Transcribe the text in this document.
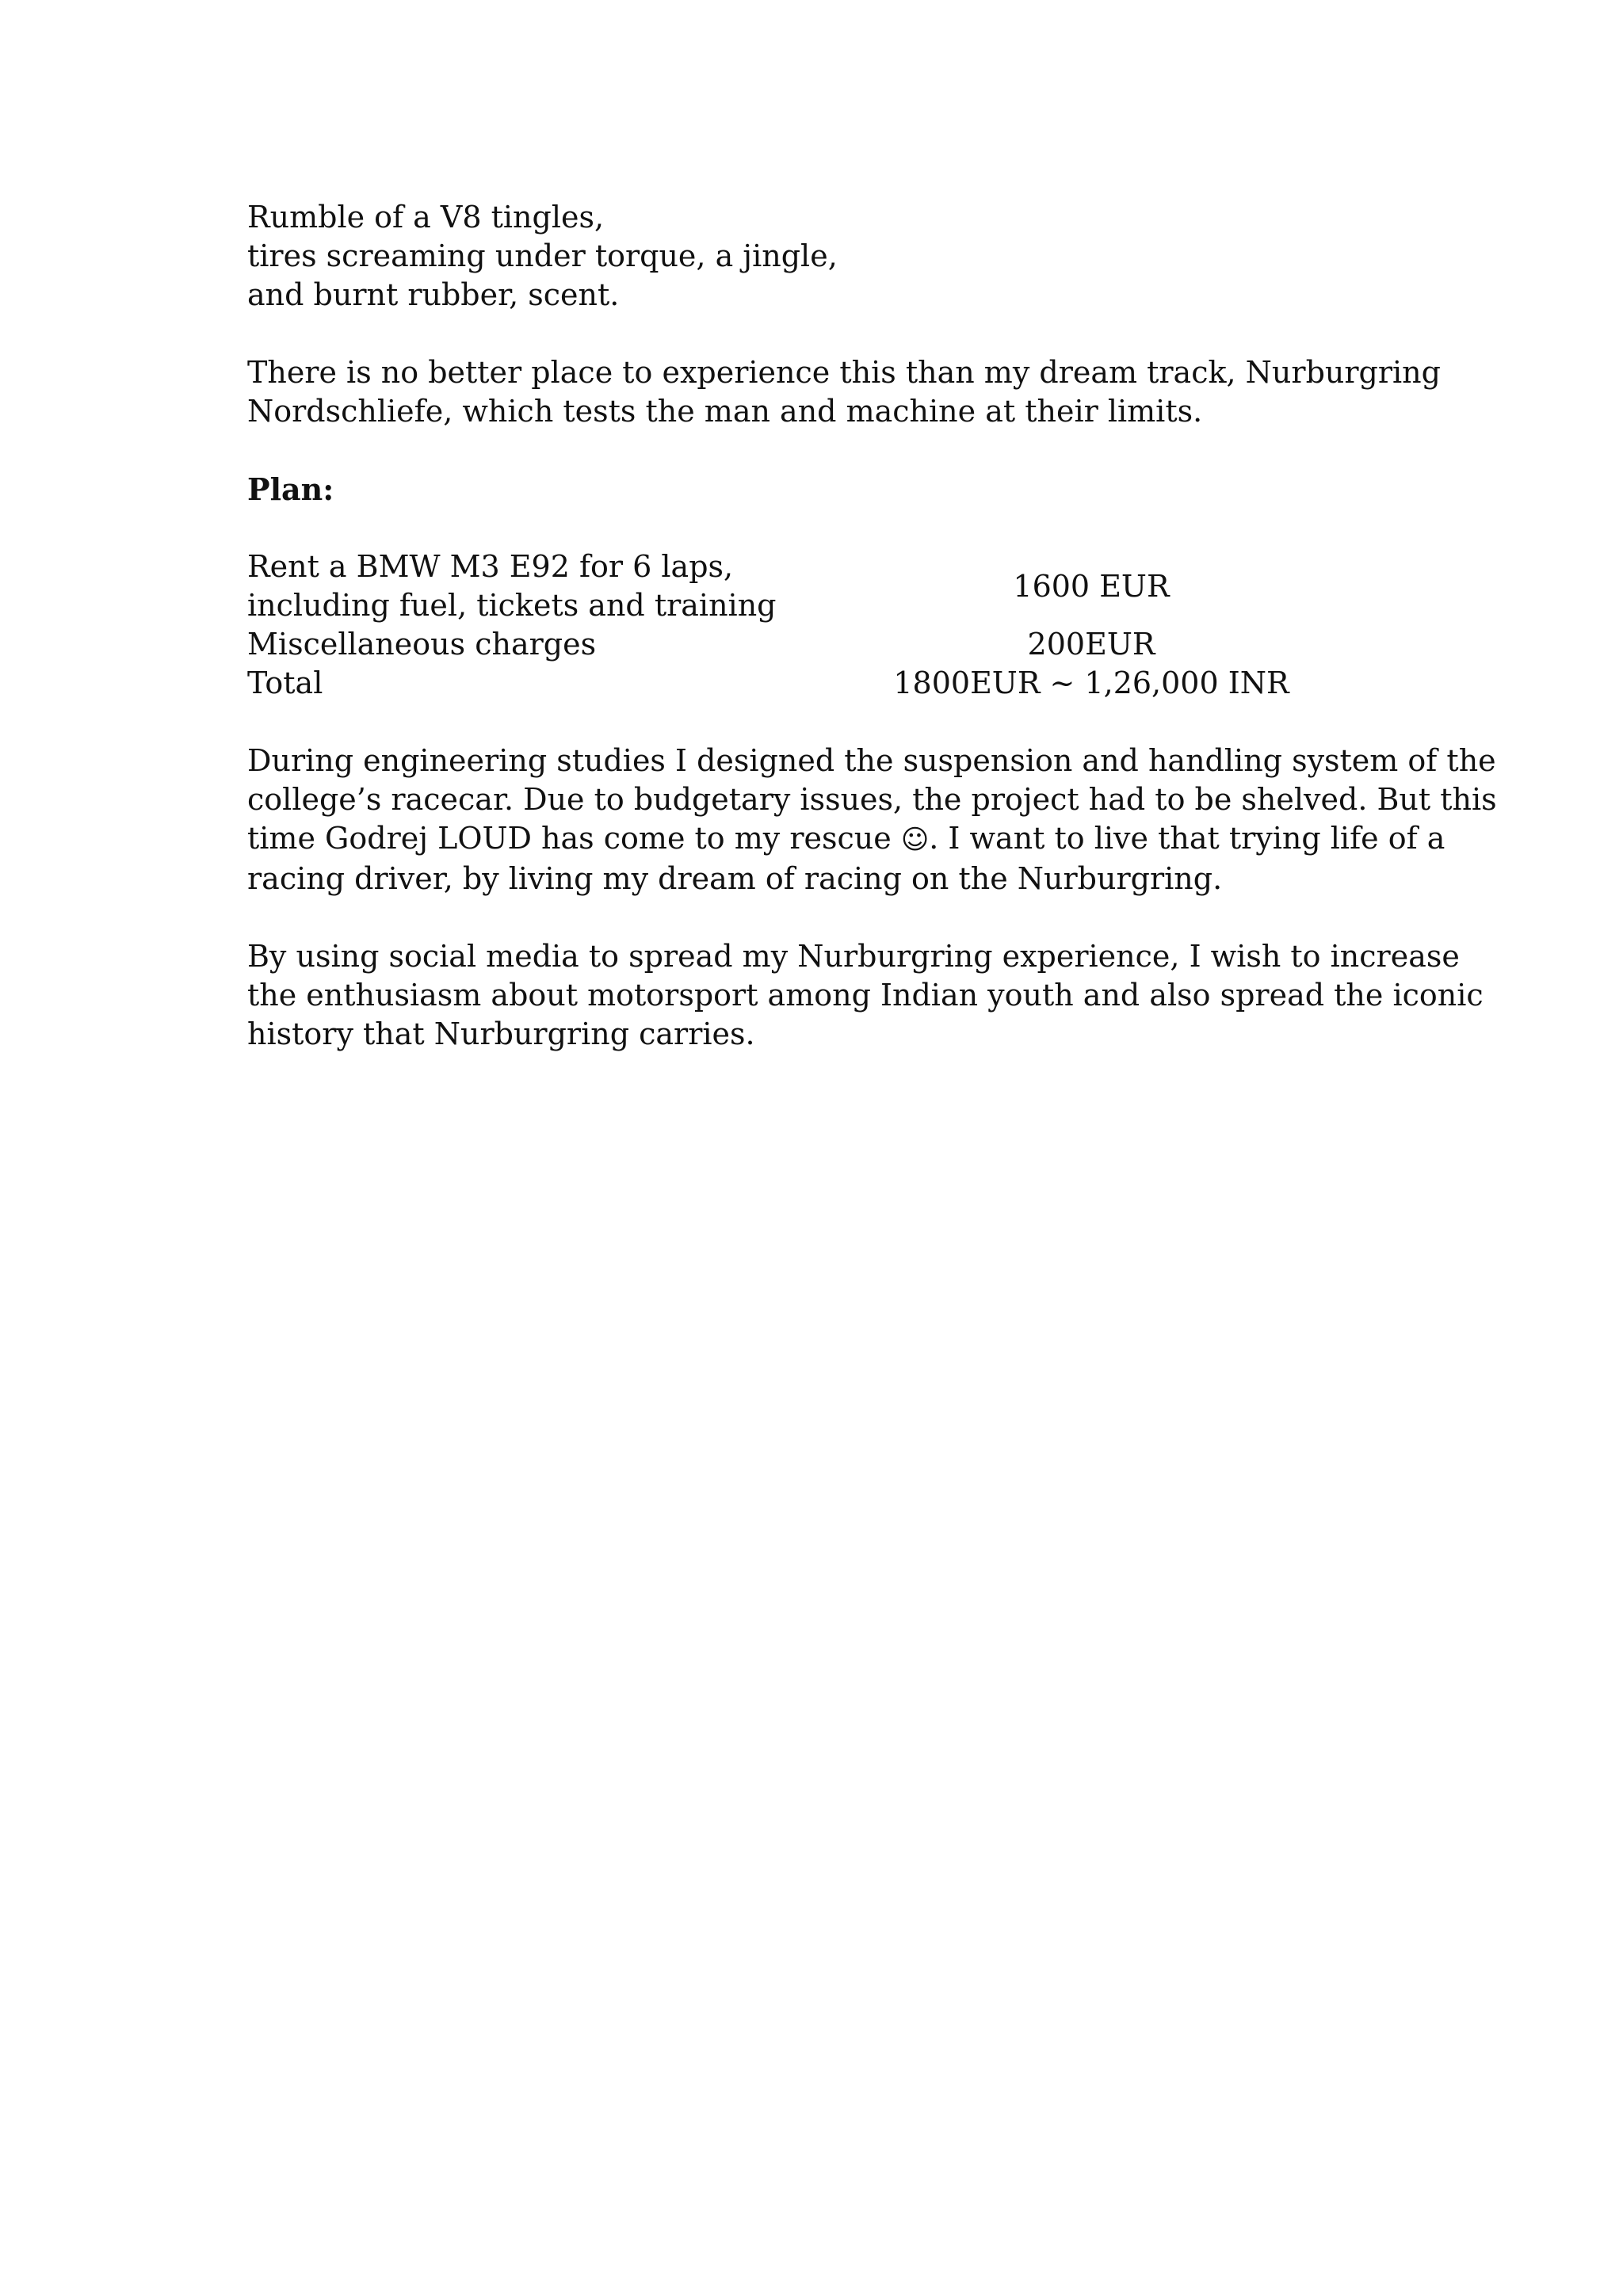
Rumble of a V8 tingles,
tires screaming under torque, a jingle,
and burnt rubber, scent.
There is no better place to experience this than my dream track, Nurburgring
Nordschliefe, which tests the man and machine at their limits.
Plan:
Rent a BMW M3 E92 for 6 laps,
including fuel, tickets and training	1600 EUR
Miscellaneous charges	200EUR
Total	1800EUR ~ 1,26,000 INR
During engineering studies I designed the suspension and handling system of the
college’s racecar. Due to budgetary issues, the project had to be shelved. But this
time Godrej LOUD has come to my rescue ☺. I want to live that trying life of a
racing driver, by living my dream of racing on the Nurburgring.
By using social media to spread my Nurburgring experience, I wish to increase
the enthusiasm about motorsport among Indian youth and also spread the iconic
history that Nurburgring carries.
